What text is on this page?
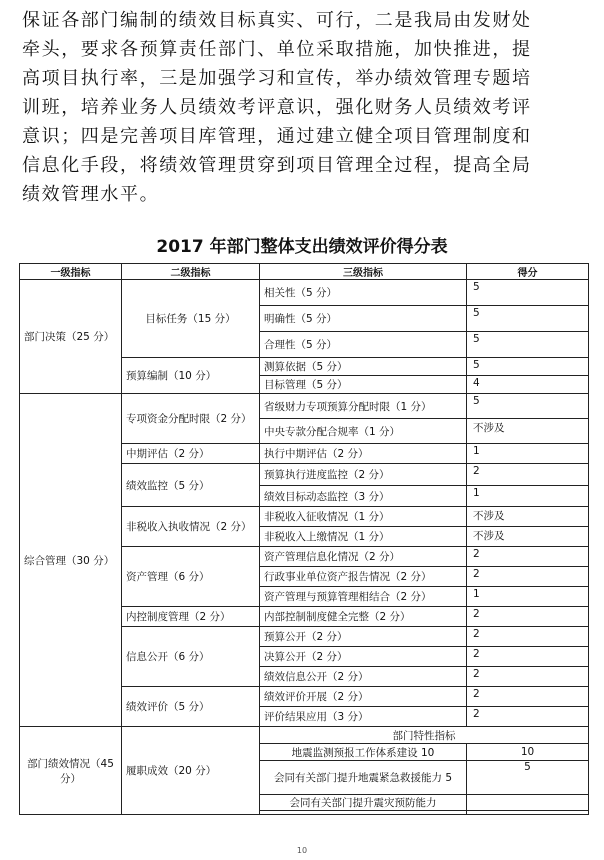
保证各部门编制的绩效目标真实、可行，二是我局由发财处
牵头，要求各预算责任部门、单位采取措施，加快推进，提
高项目执行率，三是加强学习和宣传，举办绩效管理专题培
训班，培养业务人员绩效考评意识，强化财务人员绩效考评
意识；四是完善项目库管理，通过建立健全项目管理制度和
信息化手段，将绩效管理贯穿到项目管理全过程，提高全局
绩效管理水平。
2017 年部门整体支出绩效评价得分表
一级指标	二级指标	三级指标	得分
部门决策（25 分）	目标任务（15 分）	相关性（5 分）	5
		明确性（5 分）	5
		合理性（5 分）	5
	预算编制（10 分）	测算依据（5 分）	5
		目标管理（5 分）	4
综合管理（30 分）	专项资金分配时限（2 分）	省级财力专项预算分配时限（1 分）	5
		中央专款分配合规率（1 分）	不涉及
	中期评估（2 分）	执行中期评估（2 分）	1
	绩效监控（5 分）	预算执行进度监控（2 分）	2
		绩效目标动态监控（3 分）	1
	非税收入执收情况（2 分）	非税收入征收情况（1 分）	不涉及
		非税收入上缴情况（1 分）	不涉及
	资产管理（6 分）	资产管理信息化情况（2 分）	2
		行政事业单位资产报告情况（2 分）	2
		资产管理与预算管理相结合（2 分）	1
	内控制度管理（2 分）	内部控制制度健全完整（2 分）	2
	信息公开（6 分）	预算公开（2 分）	2
		决算公开（2 分）	2
		绩效信息公开（2 分）	2
	绩效评价（5 分）	绩效评价开展（2 分）	2
		评价结果应用（3 分）	2
部门绩效情况（45 分）	履职成效（20 分）	部门特性指标	
		地震监测预报工作体系建设 10	10
		会同有关部门提升地震紧急救援能力 5	5
		会同有关部门提升震灾预防能力	

10
